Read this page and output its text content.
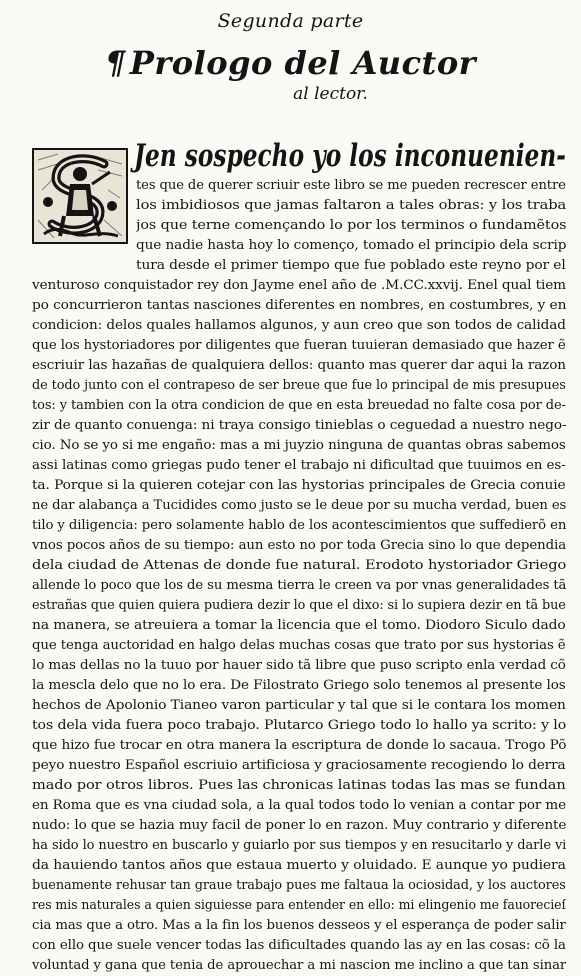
Segunda parte
¶ Prologo del Auctor
al lector.
Jen sospecho yo los inconuenien-
tes que de querer scriuir este libro se me pueden recrescer entre
los imbidiosos que jamas faltaron a tales obras: y los traba
jos que terne començando lo por los terminos o fundamẽtos
que nadie hasta hoy lo començo, tomado el principio dela scrip
tura desde el primer tiempo que fue poblado este reyno por el
venturoso conquistador rey don Jayme enel año de .M.CC.xxvij. Enel qual tiem
po concurrieron tantas nasciones diferentes en nombres, en costumbres, y en
condicion: delos quales hallamos algunos, y aun creo que son todos de calidad
que los hystoriadores por diligentes que fueran tuuieran demasiado que hazer ẽ
escriuir las hazañas de qualquiera dellos: quanto mas querer dar aqui la razon
de todo junto con el contrapeso de ser breue que fue lo principal de mis presupues
tos: y tambien con la otra condicion de que en esta breuedad no falte cosa por de-
zir de quanto conuenga: ni traya consigo tinieblas o ceguedad a nuestro nego-
cio. No se yo si me engaño: mas a mi juyzio ninguna de quantas obras sabemos
assi latinas como griegas pudo tener el trabajo ni dificultad que tuuimos en es-
ta. Porque si la quieren cotejar con las hystorias principales de Grecia conuie
ne dar alabança a Tucidides como justo se le deue por su mucha verdad, buen es
tilo y diligencia: pero solamente hablo de los acontescimientos que suffedierõ en
vnos pocos años de su tiempo: aun esto no por toda Grecia sino lo que dependia
dela ciudad de Attenas de donde fue natural. Erodoto hystoriador Griego
allende lo poco que los de su mesma tierra le creen va por vnas generalidades tã
estrañas que quien quiera pudiera dezir lo que el dixo: si lo supiera dezir en tã bue
na manera, se atreuiera a tomar la licencia que el tomo. Diodoro Siculo dado
que tenga auctoridad en halgo delas muchas cosas que trato por sus hystorias ẽ
lo mas dellas no la tuuo por hauer sido tã libre que puso scripto enla verdad cõ
la mescla delo que no lo era. De Filostrato Griego solo tenemos al presente los
hechos de Apolonio Tianeo varon particular y tal que si le contara los momen
tos dela vida fuera poco trabajo. Plutarco Griego todo lo hallo ya scrito: y lo
que hizo fue trocar en otra manera la escriptura de donde lo sacaua. Trogo Põ
peyo nuestro Español escriuio artificiosa y graciosamente recogiendo lo derra
mado por otros libros. Pues las chronicas latinas todas las mas se fundan
en Roma que es vna ciudad sola, a la qual todos todo lo venian a contar por me
nudo: lo que se hazia muy facil de poner lo en razon. Muy contrario y diferente
ha sido lo nuestro en buscarlo y guiarlo por sus tiempos y en resucitarlo y darle vi
da hauiendo tantos años que estaua muerto y oluidado. E aunque yo pudiera
buenamente rehusar tan graue trabajo pues me faltaua la ociosidad, y los auctores
res mis naturales a quien siguiesse para entender en ello: mi elingenio me fauorecieſ
cia mas que a otro. Mas a la fin los buenos desseos y el esperança de poder salir
con ello que suele vencer todas las dificultades quando las ay en las cosas: cõ la
voluntad y gana que tenia de aprouechar a mi nascion me inclino a que tan sinar
